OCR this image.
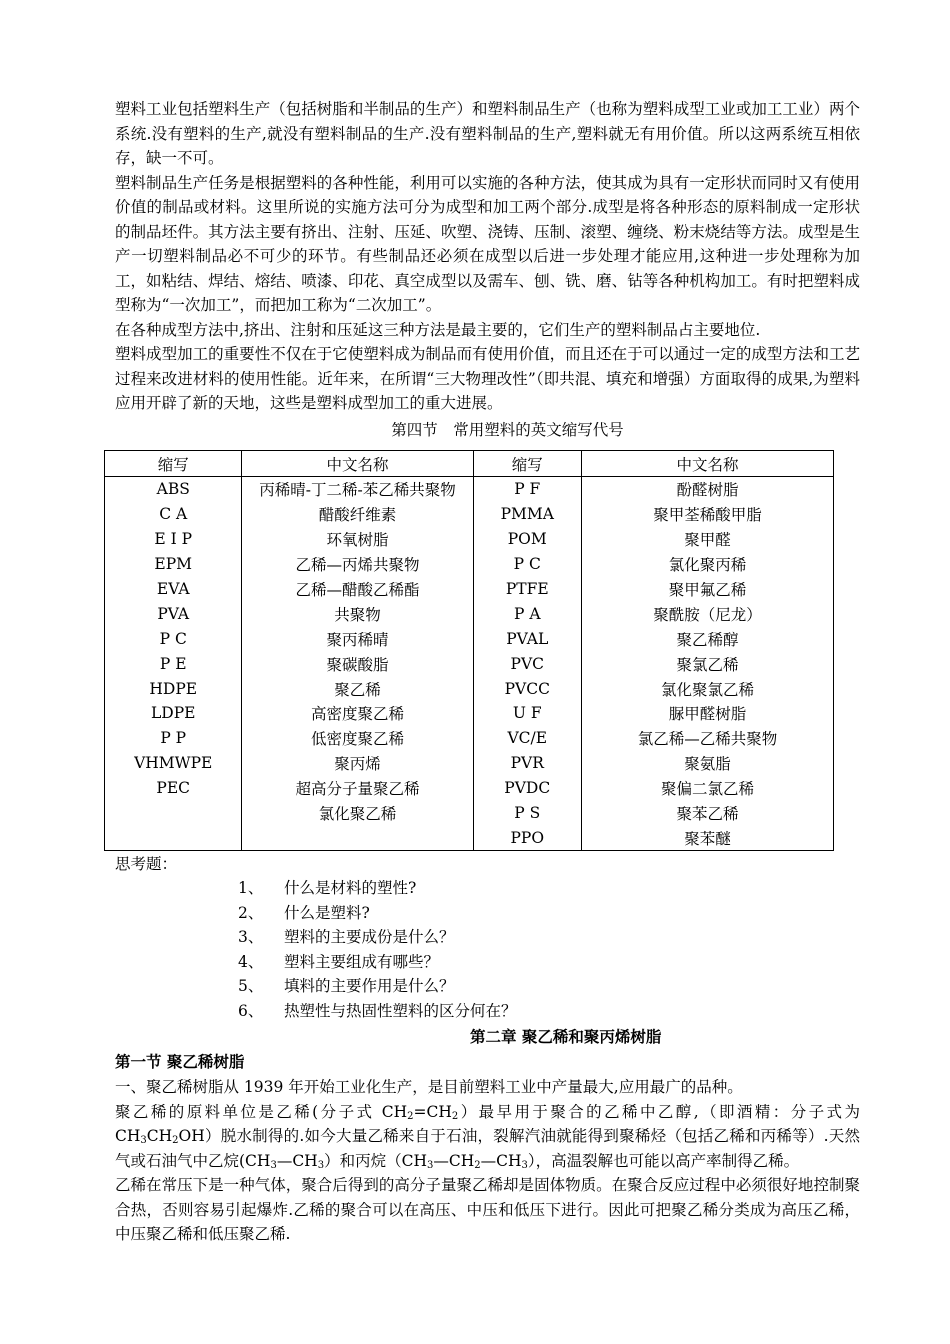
塑料工业包括塑料生产（包括树脂和半制品的生产）和塑料制品生产（也称为塑料成型工业或加工工业）两个系统.没有塑料的生产,就没有塑料制品的生产.没有塑料制品的生产,塑料就无有用价值。所以这两系统互相依存，缺一不可。

塑料制品生产任务是根据塑料的各种性能，利用可以实施的各种方法，使其成为具有一定形状而同时又有使用价值的制品或材料。这里所说的实施方法可分为成型和加工两个部分.成型是将各种形态的原料制成一定形状的制品坯件。其方法主要有挤出、注射、压延、吹塑、浇铸、压制、滚塑、缠绕、粉末烧结等方法。成型是生产一切塑料制品必不可少的环节。有些制品还必须在成型以后进一步处理才能应用,这种进一步处理称为加工，如粘结、焊结、熔结、喷漆、印花、真空成型以及需车、刨、铣、磨、钻等各种机构加工。有时把塑料成型称为“一次加工”，而把加工称为“二次加工”。

在各种成型方法中,挤出、注射和压延这三种方法是最主要的，它们生产的塑料制品占主要地位.

塑料成型加工的重要性不仅在于它使塑料成为制品而有使用价值，而且还在于可以通过一定的成型方法和工艺过程来改进材料的使用性能。近年来，在所谓“三大物理改性”（即共混、填充和增强）方面取得的成果,为塑料应用开辟了新的天地，这些是塑料成型加工的重大进展。

第四节　常用塑料的英文缩写代号
缩写	中文名称	缩写	中文名称
ABS	丙稀晴-丁二稀-苯乙稀共聚物	P F	酚醛树脂
C A	醋酸纤维素	PMMA	聚甲荃稀酸甲脂
E I P	环氧树脂	POM	聚甲醛
EPM	乙稀—丙烯共聚物	P C	氯化聚丙稀
EVA	乙稀—醋酸乙稀酯	PTFE	聚甲氟乙稀
PVA	共聚物	P A	聚酰胺（尼龙）
P C	聚丙稀晴	PVAL	聚乙稀醇
P E	聚碳酸脂	PVC	聚氯乙稀
HDPE	聚乙稀	PVCC	氯化聚氯乙稀
LDPE	高密度聚乙稀	U F	脲甲醛树脂
P P	低密度聚乙稀	VC/E	氯乙稀—乙稀共聚物
VHMWPE	聚丙烯	PVR	聚氨脂
PEC	超高分子量聚乙稀	PVDC	聚偏二氯乙稀
	氯化聚乙稀	P S	聚苯乙稀
		PPO	聚苯醚
思考题：
1、	什么是材料的塑性?
2、	什么是塑料?
3、	塑料的主要成份是什么？
4、	塑料主要组成有哪些？
5、	填料的主要作用是什么？
6、	热塑性与热固性塑料的区分何在？
第二章 聚乙稀和聚丙烯树脂
第一节 聚乙稀树脂

一、聚乙稀树脂从 1939 年开始工业化生产，是目前塑料工业中产量最大,应用最广的品种。

聚乙稀的原料单位是乙稀(分子式 $CH_2=CH_2$）最早用于聚合的乙稀中乙醇,（即酒精：分子式为 $CH_3CH_2OH$）脱水制得的.如今大量乙稀来自于石油，裂解汽油就能得到聚稀烃（包括乙稀和丙稀等）.天然气或石油气中乙烷$(CH_3—CH_3)$和丙烷$(CH_3—CH_2—CH_3)$，高温裂解也可能以高产率制得乙稀。

乙稀在常压下是一种气体，聚合后得到的高分子量聚乙稀却是固体物质。在聚合反应过程中必须很好地控制聚合热，否则容易引起爆炸.乙稀的聚合可以在高压、中压和低压下进行。因此可把聚乙稀分类成为高压乙稀，中压聚乙稀和低压聚乙稀.
